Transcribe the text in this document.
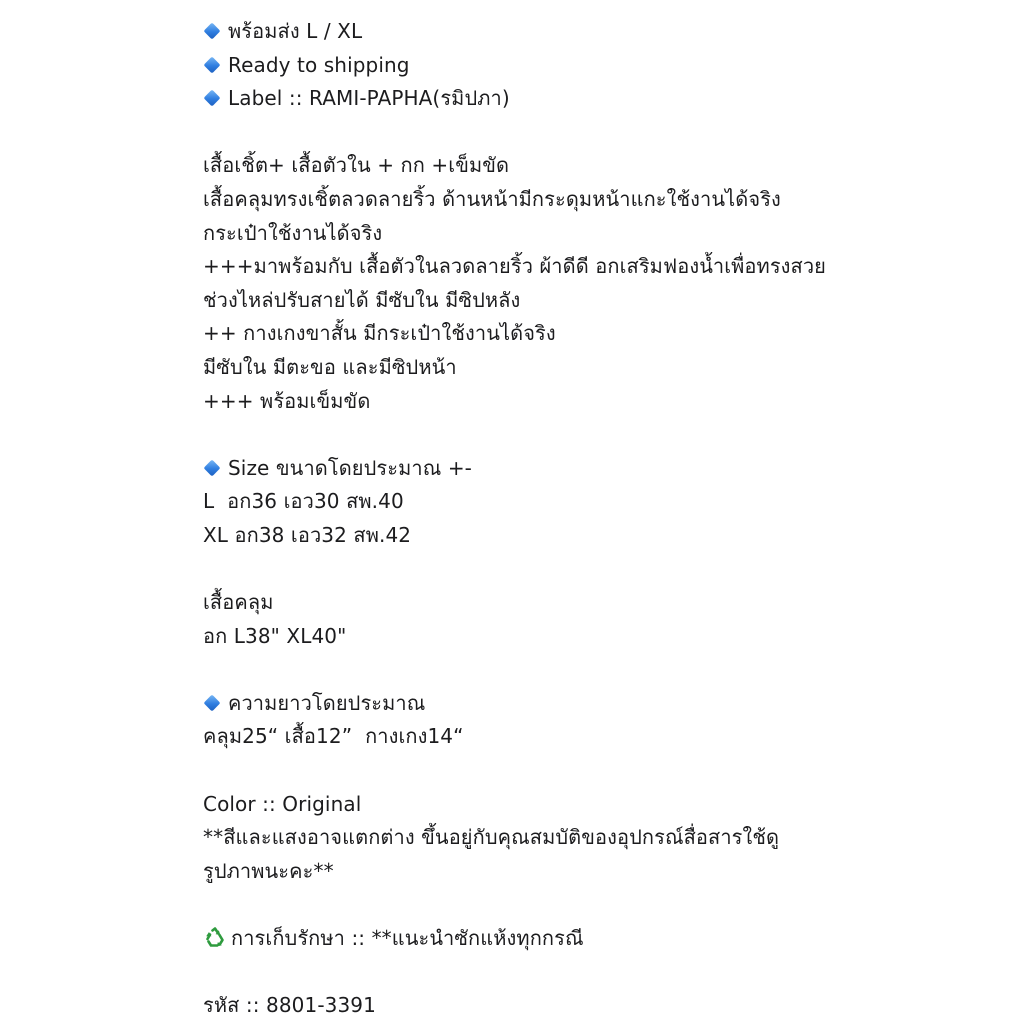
พร้อมส่ง L / XL
Ready to shipping
Label :: RAMI-PAPHA(รมิปภา)
เสื้อเชิ้ต+ เสื้อตัวใน + กก +เข็มขัด
เสื้อคลุมทรงเชิ้ตลวดลายริ้ว ด้านหน้ามีกระดุมหน้าแกะใช้งานได้จริง
กระเป๋าใช้งานได้จริง
+++มาพร้อมกับ เสื้อตัวในลวดลายริ้ว ผ้าดีดี อกเสริมฟองน้ำเพื่อทรงสวย
ช่วงไหล่ปรับสายได้ มีซับใน มีซิปหลัง
++ กางเกงขาสั้น มีกระเป๋าใช้งานได้จริง
มีซับใน มีตะขอ และมีซิปหน้า
+++ พร้อมเข็มขัด
Size ขนาดโดยประมาณ +-
L  อก36 เอว30 สพ.40
XL อก38 เอว32 สพ.42
เสื้อคลุม
อก L38" XL40"
ความยาวโดยประมาณ
คลุม25“ เสื้อ12”  กางเกง14“
Color :: Original
**สีและแสงอาจแตกต่าง ขึ้นอยู่กับคุณสมบัติของอุปกรณ์สื่อสารใช้ดู
รูปภาพนะคะ**
การเก็บรักษา :: **แนะนำซักแห้งทุกกรณี
รหัส :: 8801-3391
